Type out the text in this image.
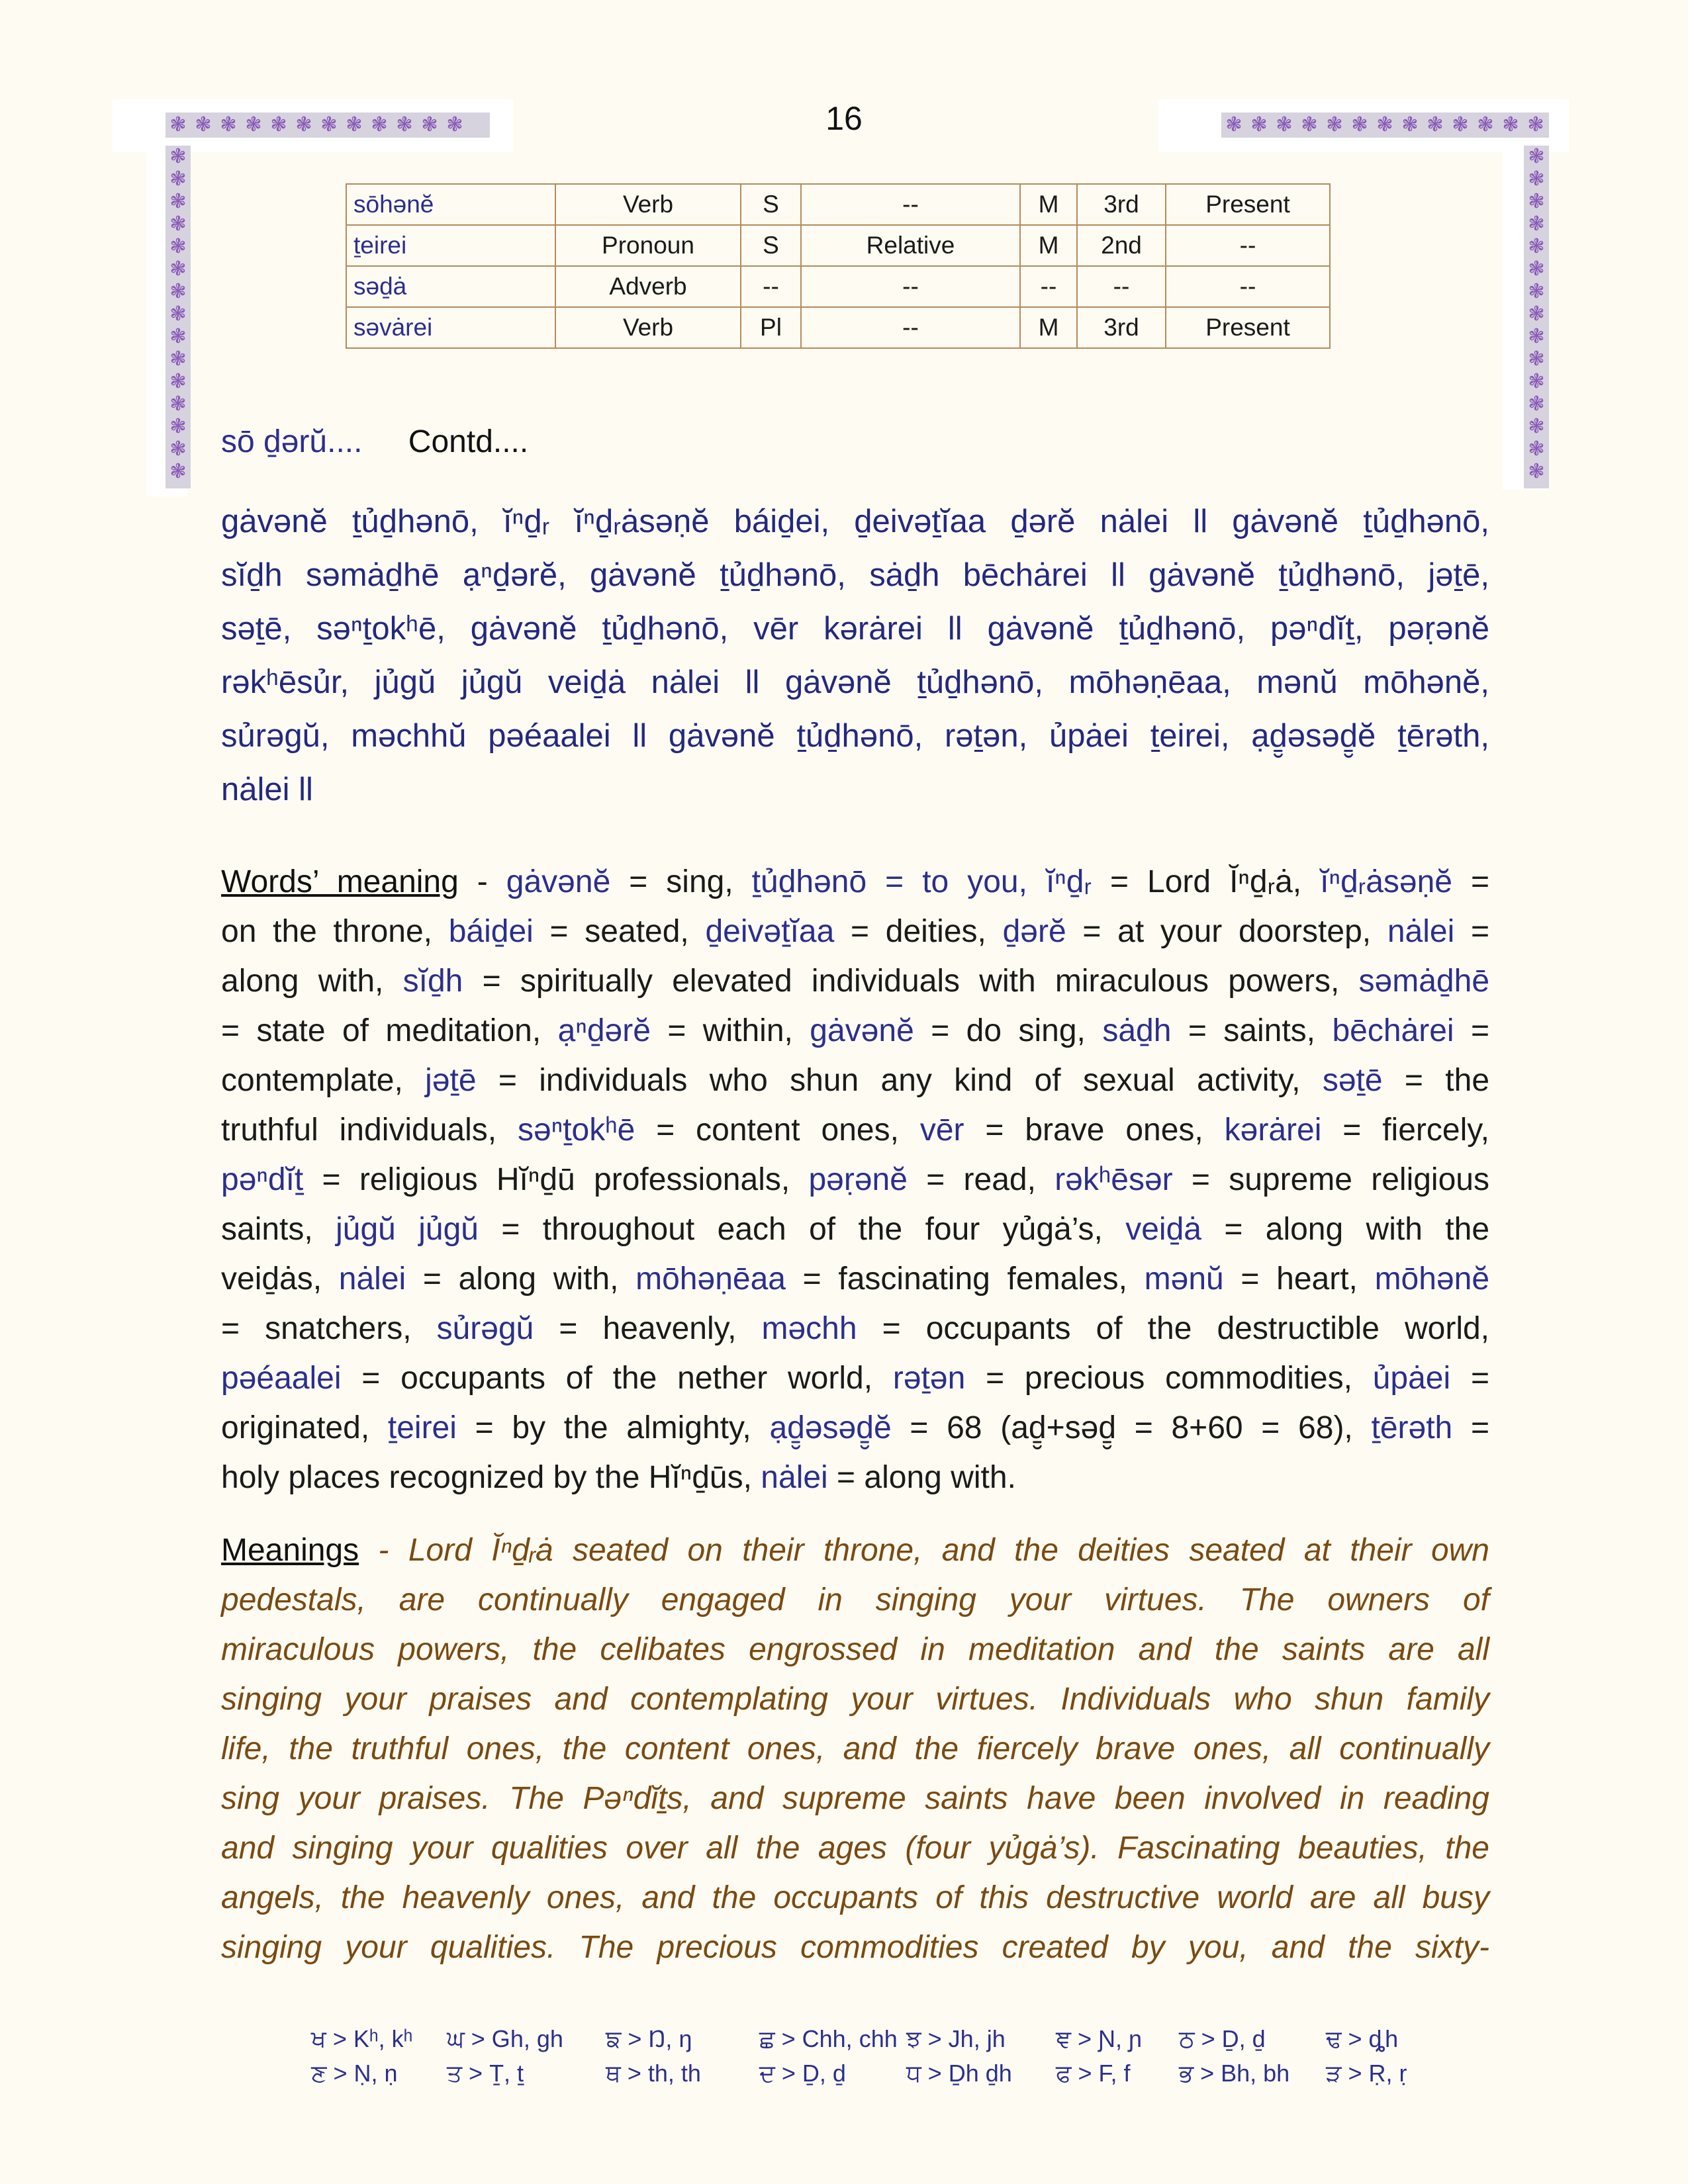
❃ ❃ ❃ ❃ ❃ ❃ ❃ ❃ ❃ ❃ ❃ ❃
❃
❃
❃
❃
❃
❃
❃
❃
❃
❃
❃
❃
❃
❃
❃
❃ ❃ ❃ ❃ ❃ ❃ ❃ ❃ ❃ ❃ ❃ ❃ ❃
❃
❃
❃
❃
❃
❃
❃
❃
❃
❃
❃
❃
❃
❃
❃
16
sōhənĕ	Verb	S	--	M	3rd	Present
ṯeirei	Pronoun	S	Relative	M	2nd	--
səḏȧ	Adverb	--	--	--	--	--
səvȧrei	Verb	Pl	--	M	3rd	Present
sō ḏərŭ.... Contd....
gȧvənĕ ṯủḏhənō, ĭⁿḏᵣ ĭⁿḏᵣȧsəṇĕ báiḏei, ḏeivəṯĭaa ḏərĕ nȧlei ll gȧvənĕ ṯủḏhənō,
sĭḏh səmȧḏhē ạⁿḏərĕ, gȧvənĕ ṯủḏhənō, sȧḏh bēchȧrei ll gȧvənĕ ṯủḏhənō, jəṯē,
səṯē, səⁿṯokʰē, gȧvənĕ ṯủḏhənō, vēr kərȧrei ll gȧvənĕ ṯủḏhənō, pəⁿdĭṯ, pəṛənĕ
rəkʰēsủr, jủgŭ jủgŭ veiḏȧ nȧlei ll gȧvənĕ ṯủḏhənō, mōhəṇēaa, mənŭ mōhənĕ,
sủrəgŭ, məchhŭ pəéaalei ll gȧvənĕ ṯủḏhənō, rəṯən, ủpȧei ṯeirei, ạḏ̮əsəḏ̮ĕ ṯērəth,
nȧlei ll
Words’ meaning - gȧvənĕ = sing, ṯủḏhənō = to you, ĭⁿḏᵣ = Lord Ĭⁿḏᵣȧ, ĭⁿḏᵣȧsəṇĕ =
on the throne, báiḏei = seated, ḏeivəṯĭaa = deities, ḏərĕ = at your doorstep, nȧlei =
along with, sĭḏh = spiritually elevated individuals with miraculous powers, səmȧḏhē
= state of meditation, ạⁿḏərĕ = within, gȧvənĕ = do sing, sȧḏh = saints, bēchȧrei =
contemplate, jəṯē = individuals who shun any kind of sexual activity, səṯē = the
truthful individuals, səⁿṯokʰē = content ones, vēr = brave ones, kərȧrei = fiercely,
pəⁿdĭṯ = religious Hĭⁿḏū professionals, pəṛənĕ = read, rəkʰēsər = supreme religious
saints, jủgŭ jủgŭ = throughout each of the four yủgȧ’s, veiḏȧ = along with the
veiḏȧs, nȧlei = along with, mōhəṇēaa = fascinating females, mənŭ = heart, mōhənĕ
= snatchers, sủrəgŭ = heavenly, məchh = occupants of the destructible world,
pəéaalei = occupants of the nether world, rəṯən = precious commodities, ủpȧei =
originated, ṯeirei = by the almighty, ạḏ̮əsəḏ̮ĕ = 68 (aḏ̮+səḏ̮ = 8+60 = 68), ṯērəth =
holy places recognized by the Hĭⁿḏūs, nȧlei = along with.
Meanings - Lord Ĭⁿḏᵣȧ seated on their throne, and the deities seated at their own
pedestals, are continually engaged in singing your virtues. The owners of
miraculous powers, the celibates engrossed in meditation and the saints are all
singing your praises and contemplating your virtues. Individuals who shun family
life, the truthful ones, the content ones, and the fiercely brave ones, all continually
sing your praises. The Pəⁿdĭṯs, and supreme saints have been involved in reading
and singing your qualities over all the ages (four yủgȧ’s). Fascinating beauties, the
angels, the heavenly ones, and the occupants of this destructive world are all busy
singing your qualities. The precious commodities created by you, and the sixty-
ਖ > Kʰ, kʰ	ਘ > Gh, gh	ਙ > Ŋ, ŋ	ਛ > Chh, chh ਝ > Jh, jh	ਞ > Ɲ, ɲ	ਠ > Ḏ, ḏ	ਢ > ȡh
ਣ > Ṇ, ṇ	ਤ > Ṯ, ṯ	ਥ > th, th	ਦ > Ḏ, ḏ	ਧ > Ḏh ḏh	ਫ > F, f	ਭ > Bh, bh	ੜ > Ṛ, ṛ
